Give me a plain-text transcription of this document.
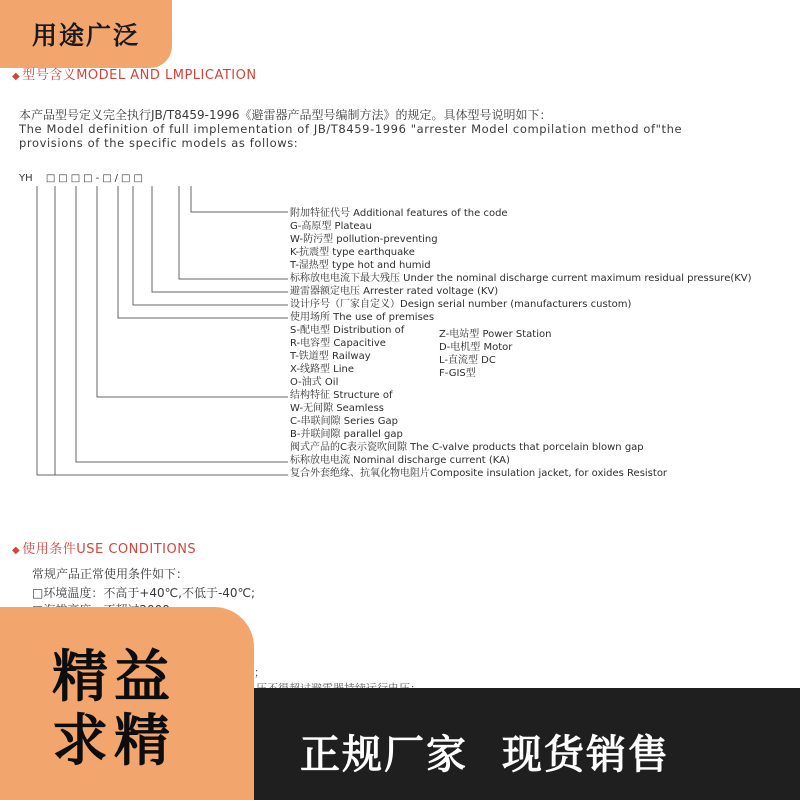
用途广泛
◆ 型号含义MODEL AND LMPLICATION
本产品型号定义完全执行JB/T8459-1996《避雷器产品型号编制方法》的规定。具体型号说明如下：
The Model definition of full implementation of JB/T8459-1996 "arrester Model compilation method of"the
provisions of the specific models as follows:
YH □□□□-□/□□
附加特征代号 Additional features of the code
G-高原型 Plateau
W-防污型 pollution-preventing
K-抗震型 type earthquake
T-湿热型 type hot and humid
标称放电电流下最大残压 Under the nominal discharge current maximum residual pressure(KV)
避雷器额定电压 Arrester rated voltage (KV)
设计序号（厂家自定义）Design serial number (manufacturers custom)
使用场所 The use of premises
S-配电型 Distribution of
R-电容型 Capacitive
T-铁道型 Railway
X-线路型 Line
O-油式 Oil
结构特征 Structure of
W-无间隙 Seamless
C-串联间隙 Series Gap
B-并联间隙 parallel gap
阀式产品的C表示瓷吹间隙 The C-valve products that porcelain blown gap
标称放电电流 Nominal discharge current (KA)
复合外套绝缘、抗氧化物电阻片Composite insulation jacket, for oxides Resistor
Z-电站型 Power Station
D-电机型 Motor
L-直流型 DC
F-GIS型
◆ 使用条件USE CONDITIONS
常规产品正常使用条件如下：
□环境温度：不高于+40℃,不低于-40℃;
；
精益
求精	正规厂家 现货销售
